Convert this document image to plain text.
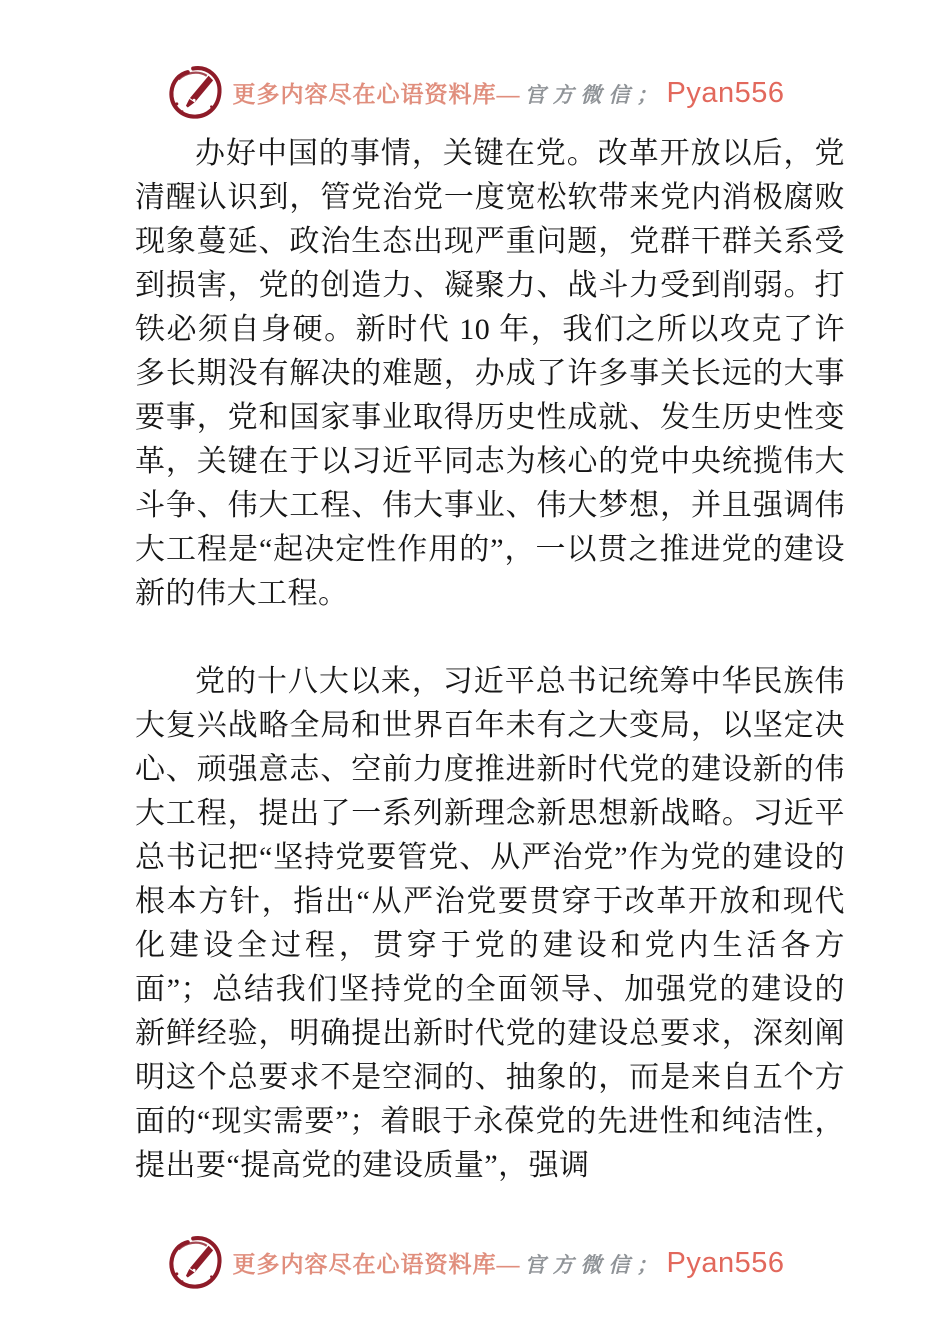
更多内容尽在心语资料库— 官方微信； Pyan556

办好中国的事情，关键在党。改革开放以后，党清醒认识到，管党治党一度宽松软带来党内消极腐败现象蔓延、政治生态出现严重问题，党群干群关系受到损害，党的创造力、凝聚力、战斗力受到削弱。打铁必须自身硬。新时代 10 年，我们之所以攻克了许多长期没有解决的难题，办成了许多事关长远的大事要事，党和国家事业取得历史性成就、发生历史性变革，关键在于以习近平同志为核心的党中央统揽伟大斗争、伟大工程、伟大事业、伟大梦想，并且强调伟大工程是“起决定性作用的”，一以贯之推进党的建设新的伟大工程。

党的十八大以来，习近平总书记统筹中华民族伟大复兴战略全局和世界百年未有之大变局，以坚定决心、顽强意志、空前力度推进新时代党的建设新的伟大工程，提出了一系列新理念新思想新战略。习近平总书记把“坚持党要管党、从严治党”作为党的建设的根本方针，指出“从严治党要贯穿于改革开放和现代化建设全过程，贯穿于党的建设和党内生活各方面”；总结我们坚持党的全面领导、加强党的建设的新鲜经验，明确提出新时代党的建设总要求，深刻阐明这个总要求不是空洞的、抽象的，而是来自五个方面的“现实需要”；着眼于永葆党的先进性和纯洁性，提出要“提高党的建设质量”，强调

更多内容尽在心语资料库— 官方微信； Pyan556
